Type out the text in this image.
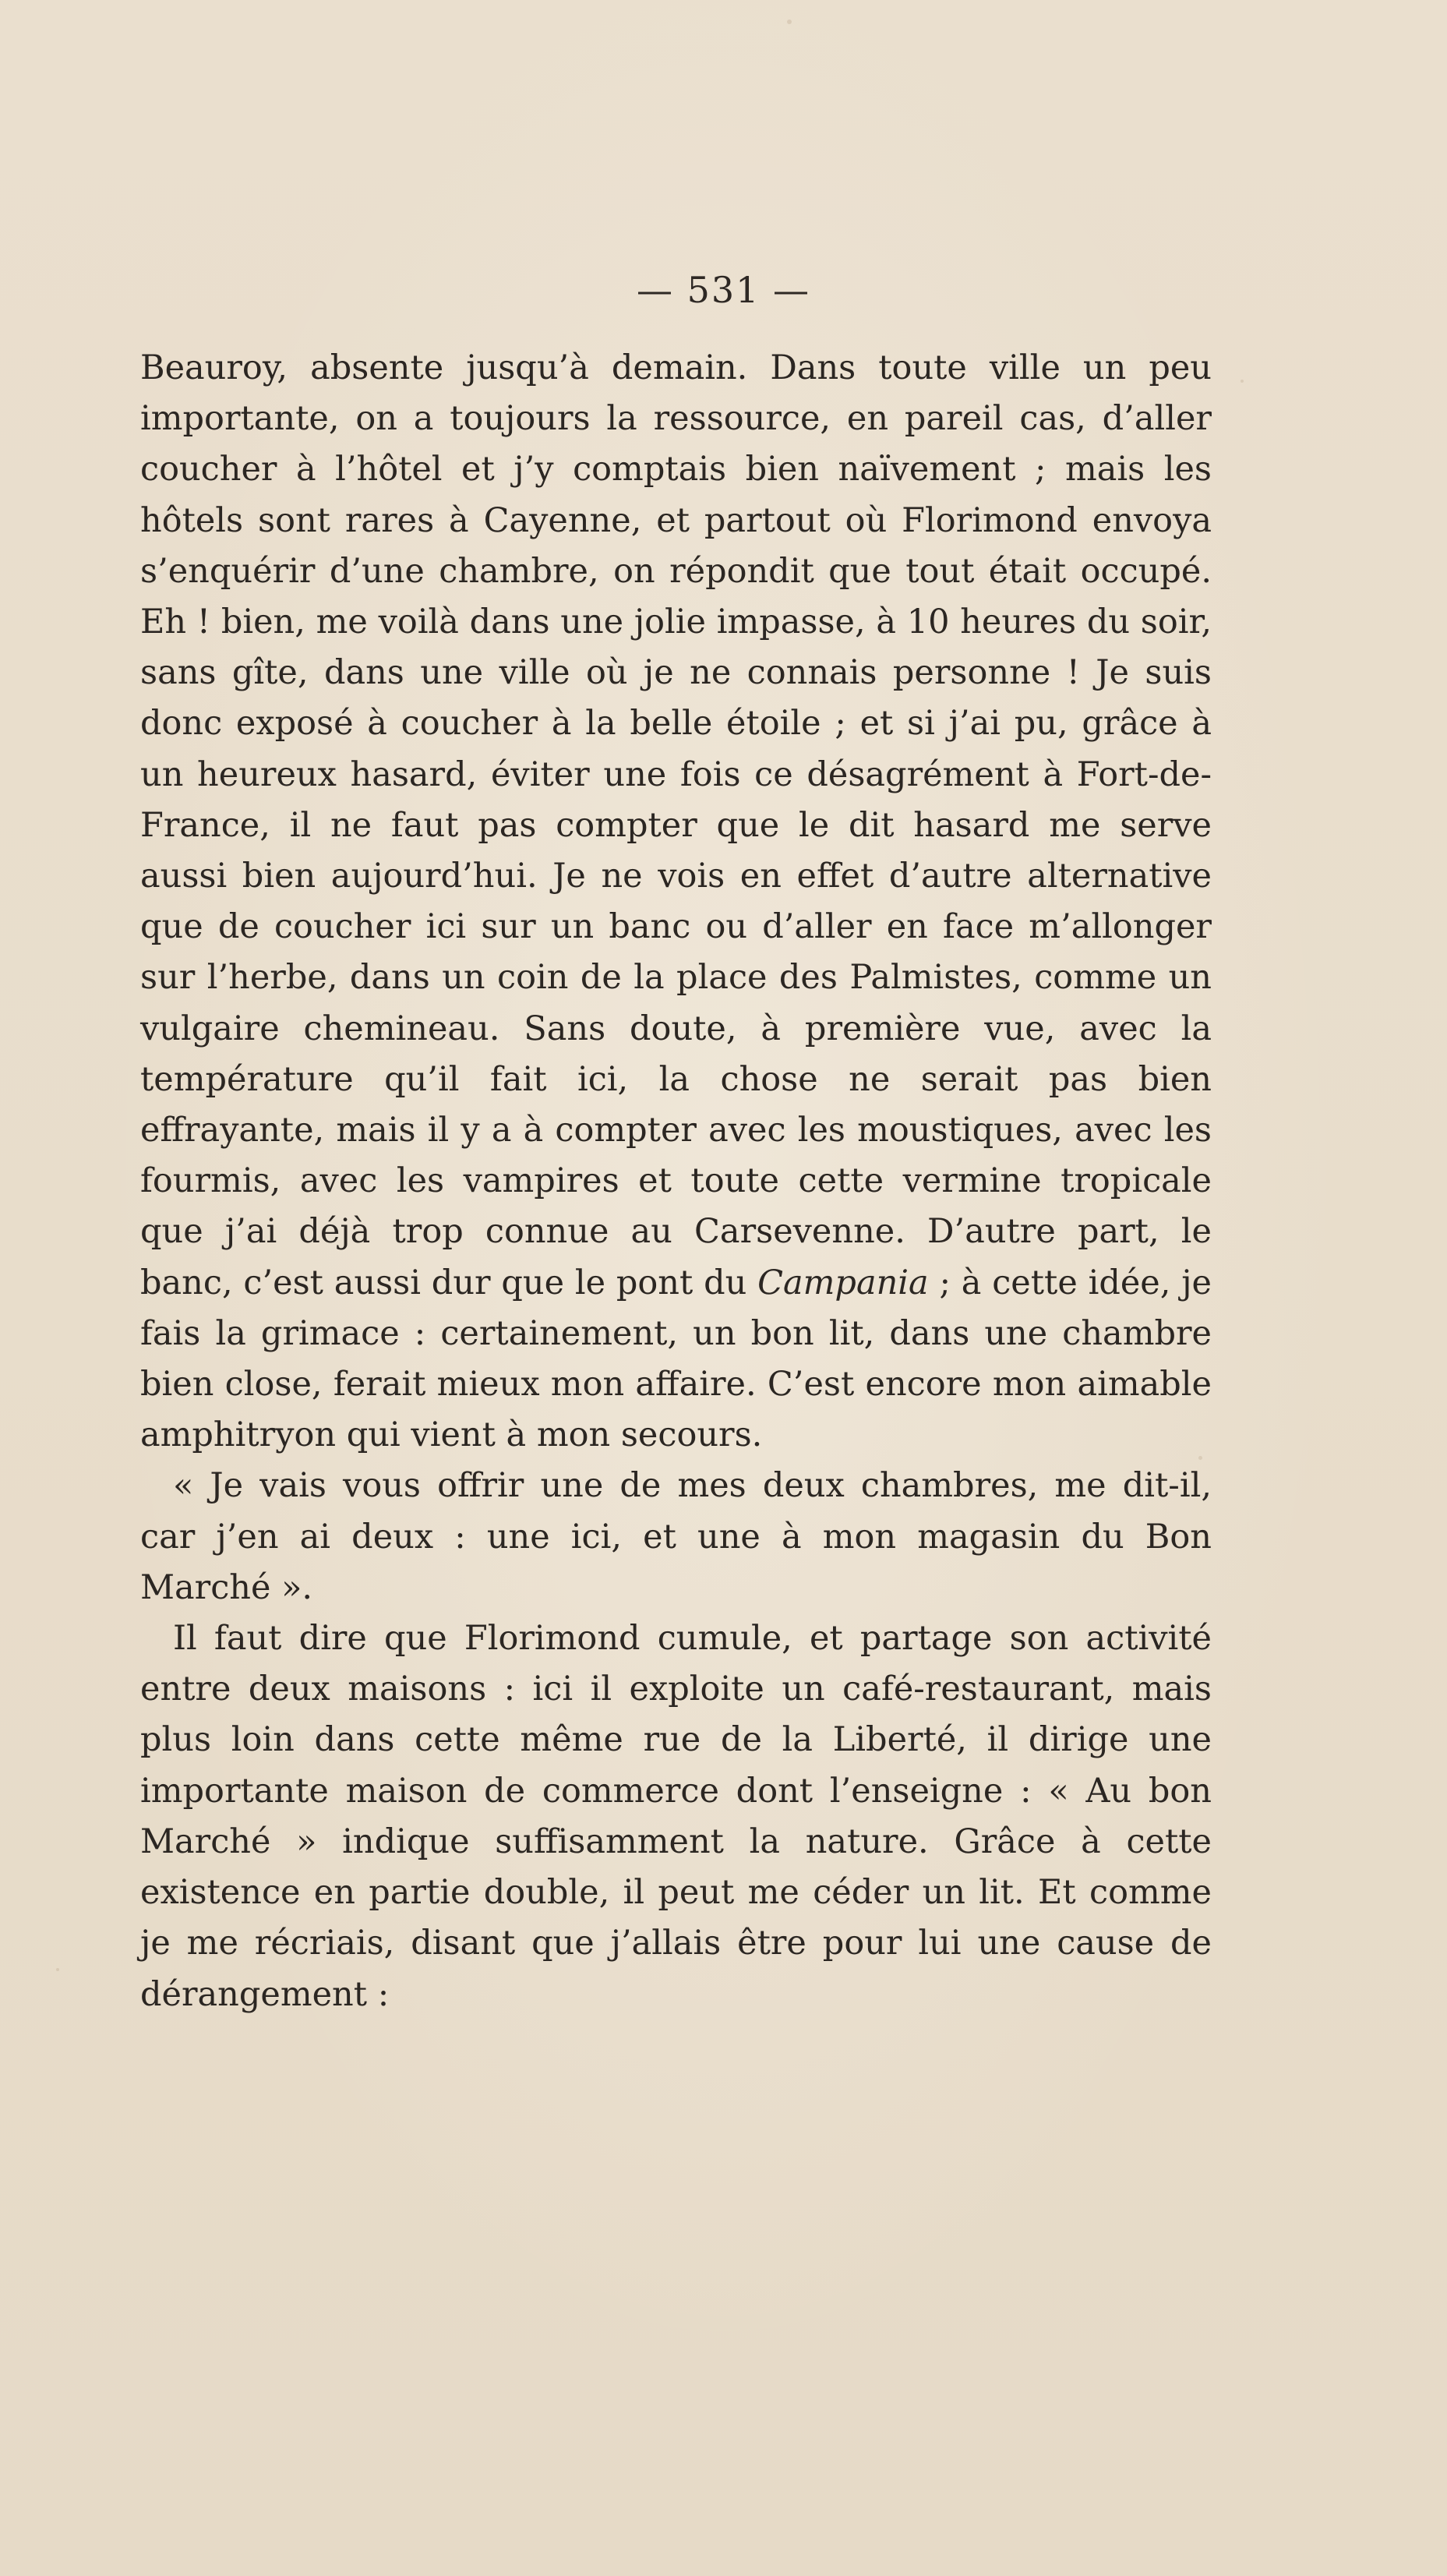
— 531 —

Beauroy, absente jusqu’à demain. Dans toute ville un peu importante, on a toujours la ressource, en pareil cas, d’aller coucher à l’hôtel et j’y comptais bien naïvement ; mais les hôtels sont rares à Cayenne, et partout où Florimond envoya s’enquérir d’une chambre, on répondit que tout était occupé. Eh ! bien, me voilà dans une jolie impasse, à 10 heures du soir, sans gîte, dans une ville où je ne connais personne ! Je suis donc exposé à coucher à la belle étoile ; et si j’ai pu, grâce à un heureux hasard, éviter une fois ce désagrément à Fort-de-France, il ne faut pas compter que le dit hasard me serve aussi bien aujourd’hui. Je ne vois en effet d’autre alternative que de coucher ici sur un banc ou d’aller en face m’allonger sur l’herbe, dans un coin de la place des Palmistes, comme un vulgaire chemineau. Sans doute, à première vue, avec la température qu’il fait ici, la chose ne serait pas bien effrayante, mais il y a à compter avec les moustiques, avec les fourmis, avec les vampires et toute cette vermine tropicale que j’ai déjà trop connue au Carsevenne. D’autre part, le banc, c’est aussi dur que le pont du Campania ; à cette idée, je fais la grimace : certainement, un bon lit, dans une chambre bien close, ferait mieux mon affaire. C’est encore mon aimable amphitryon qui vient à mon secours.

« Je vais vous offrir une de mes deux chambres, me dit-il, car j’en ai deux : une ici, et une à mon magasin du Bon Marché ».

Il faut dire que Florimond cumule, et partage son activité entre deux maisons : ici il exploite un café-restaurant, mais plus loin dans cette même rue de la Liberté, il dirige une importante maison de commerce dont l’enseigne : « Au bon Marché » indique suffisamment la nature. Grâce à cette existence en partie double, il peut me céder un lit. Et comme je me récriais, disant que j’allais être pour lui une cause de dérangement :
